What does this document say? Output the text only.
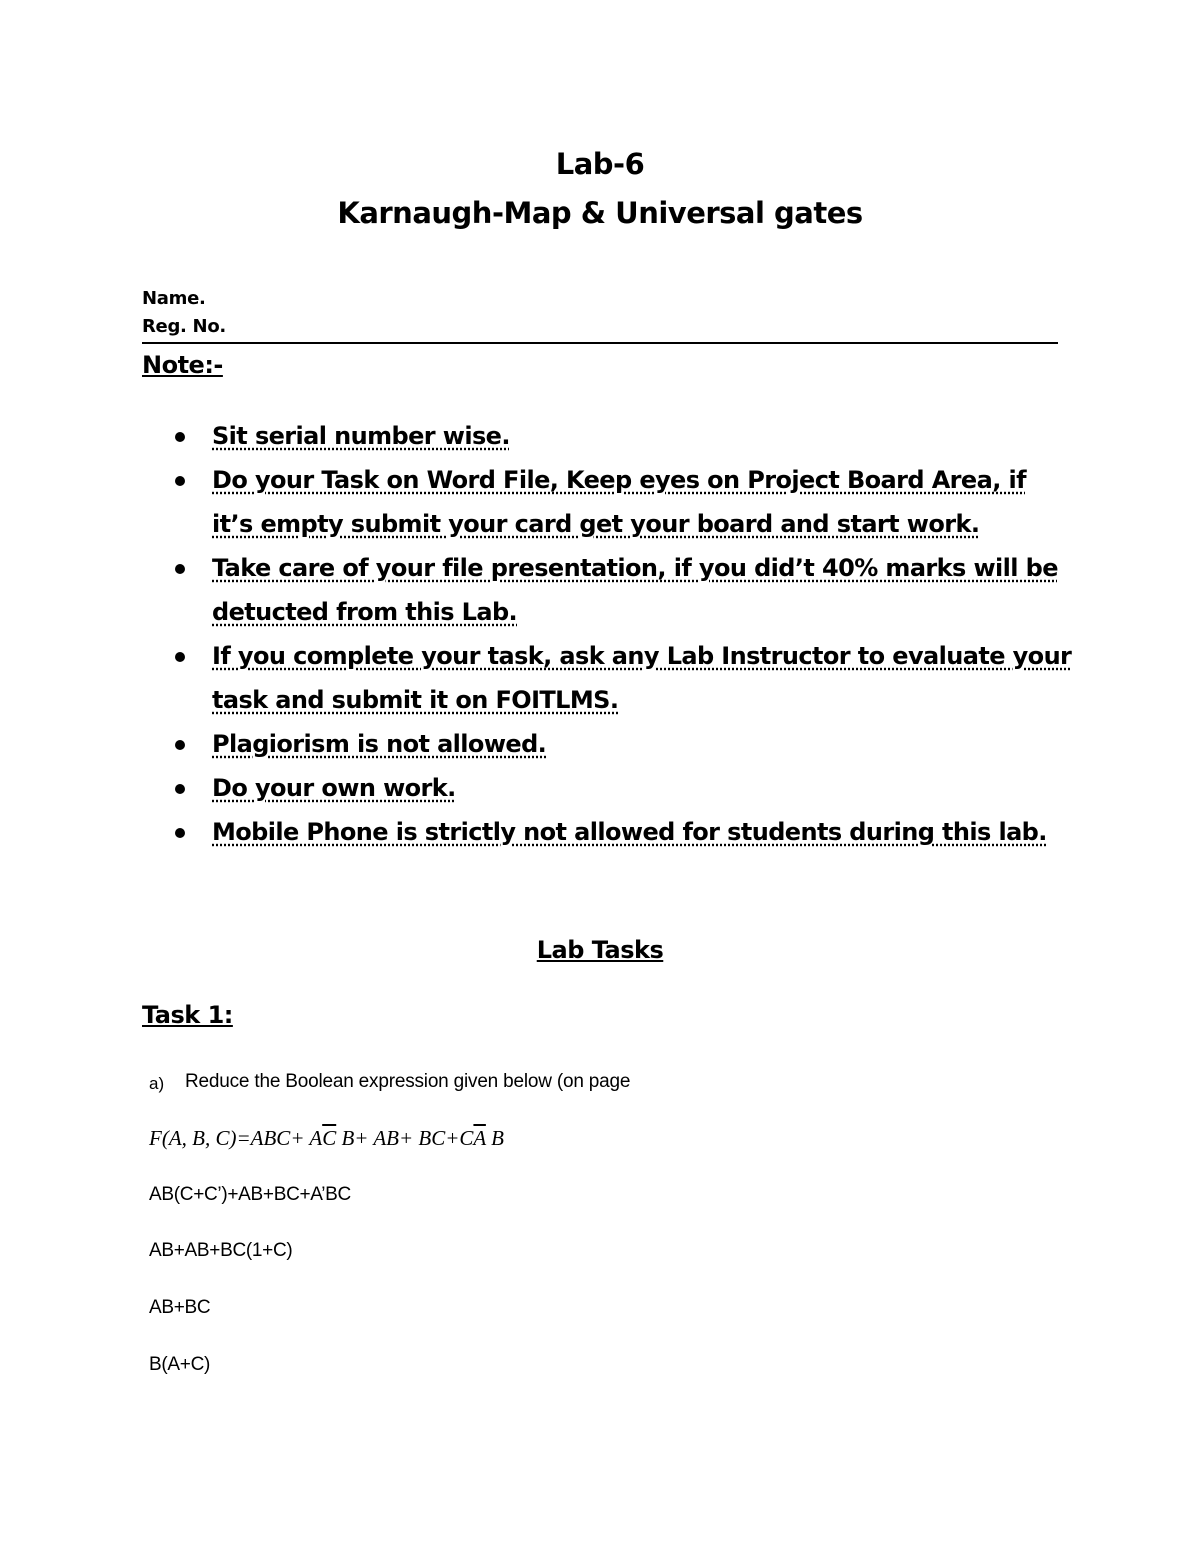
Lab-6
Karnaugh-Map & Universal gates
Name.
Reg. No.
Note:-
Sit serial number wise.
Do your Task on Word File, Keep eyes on Project Board Area, if it’s empty submit your card get your board and start work.
Take care of your file presentation, if you did’t 40% marks will be detucted from this Lab.
If you complete your task, ask any Lab Instructor to evaluate your task and submit it on FOITLMS.
Plagiorism is not allowed.
Do your own work.
Mobile Phone is strictly not allowed for students during this lab.
Lab Tasks
Task 1:
a) Reduce the Boolean expression given below (on page
F(A, B, $C)=ABC+ A\overline{C}$ $B+ AB+ BC+C\overline{A}$ B
AB(C+C’)+AB+BC+A’BC
AB+AB+BC(1+C)
AB+BC
B(A+C)
